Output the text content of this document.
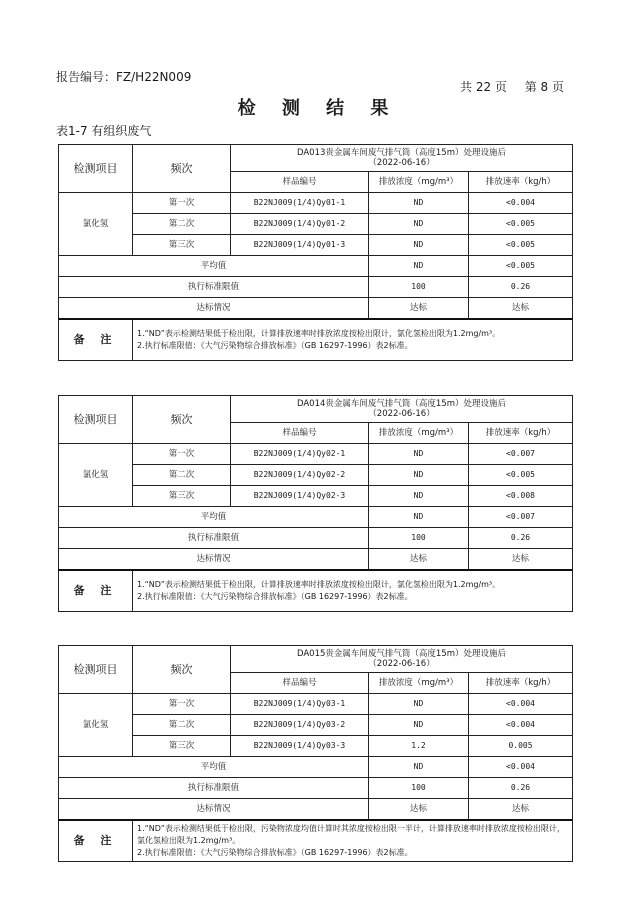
报告编号：FZ/H22N009
共 22 页 第 8 页
检 测 结 果
表1-7 有组织废气
检测项目	频次	DA013贵金属车间废气排气筒（高度15m）处理设施后
（2022-06-16）		
		样品编号	排放浓度（mg/m³）	排放速率（kg/h）
氯化氢	第一次	B22NJ009(1/4)Qy01-1	ND	<0.004
	第二次	B22NJ009(1/4)Qy01-2	ND	<0.005
	第三次	B22NJ009(1/4)Qy01-3	ND	<0.005
平均值			ND	<0.005
执行标准限值			100	0.26
达标情况			达标	达标
备 注	1.“ND”表示检测结果低于检出限，计算排放速率时排放浓度按检出限计，氯化氢检出限为1.2mg/m³。
2.执行标准限值：《大气污染物综合排放标准》（GB 16297-1996）表2标准。			
检测项目	频次	DA014贵金属车间废气排气筒（高度15m）处理设施后
（2022-06-16）		
		样品编号	排放浓度（mg/m³）	排放速率（kg/h）
氯化氢	第一次	B22NJ009(1/4)Qy02-1	ND	<0.007
	第二次	B22NJ009(1/4)Qy02-2	ND	<0.005
	第三次	B22NJ009(1/4)Qy02-3	ND	<0.008
平均值			ND	<0.007
执行标准限值			100	0.26
达标情况			达标	达标
备 注	1.“ND”表示检测结果低于检出限，计算排放速率时排放浓度按检出限计，氯化氢检出限为1.2mg/m³。
2.执行标准限值：《大气污染物综合排放标准》（GB 16297-1996）表2标准。			
检测项目	频次	DA015贵金属车间废气排气筒（高度15m）处理设施后
（2022-06-16）		
		样品编号	排放浓度（mg/m³）	排放速率（kg/h）
氯化氢	第一次	B22NJ009(1/4)Qy03-1	ND	<0.004
	第二次	B22NJ009(1/4)Qy03-2	ND	<0.004
	第三次	B22NJ009(1/4)Qy03-3	1.2	0.005
平均值			ND	<0.004
执行标准限值			100	0.26
达标情况			达标	达标
备 注	1.“ND”表示检测结果低于检出限，污染物浓度均值计算时其浓度按检出限一半计，计算排放速率时排放浓度按检出限计，氯化氢检出限为1.2mg/m³。
2.执行标准限值：《大气污染物综合排放标准》（GB 16297-1996）表2标准。			
